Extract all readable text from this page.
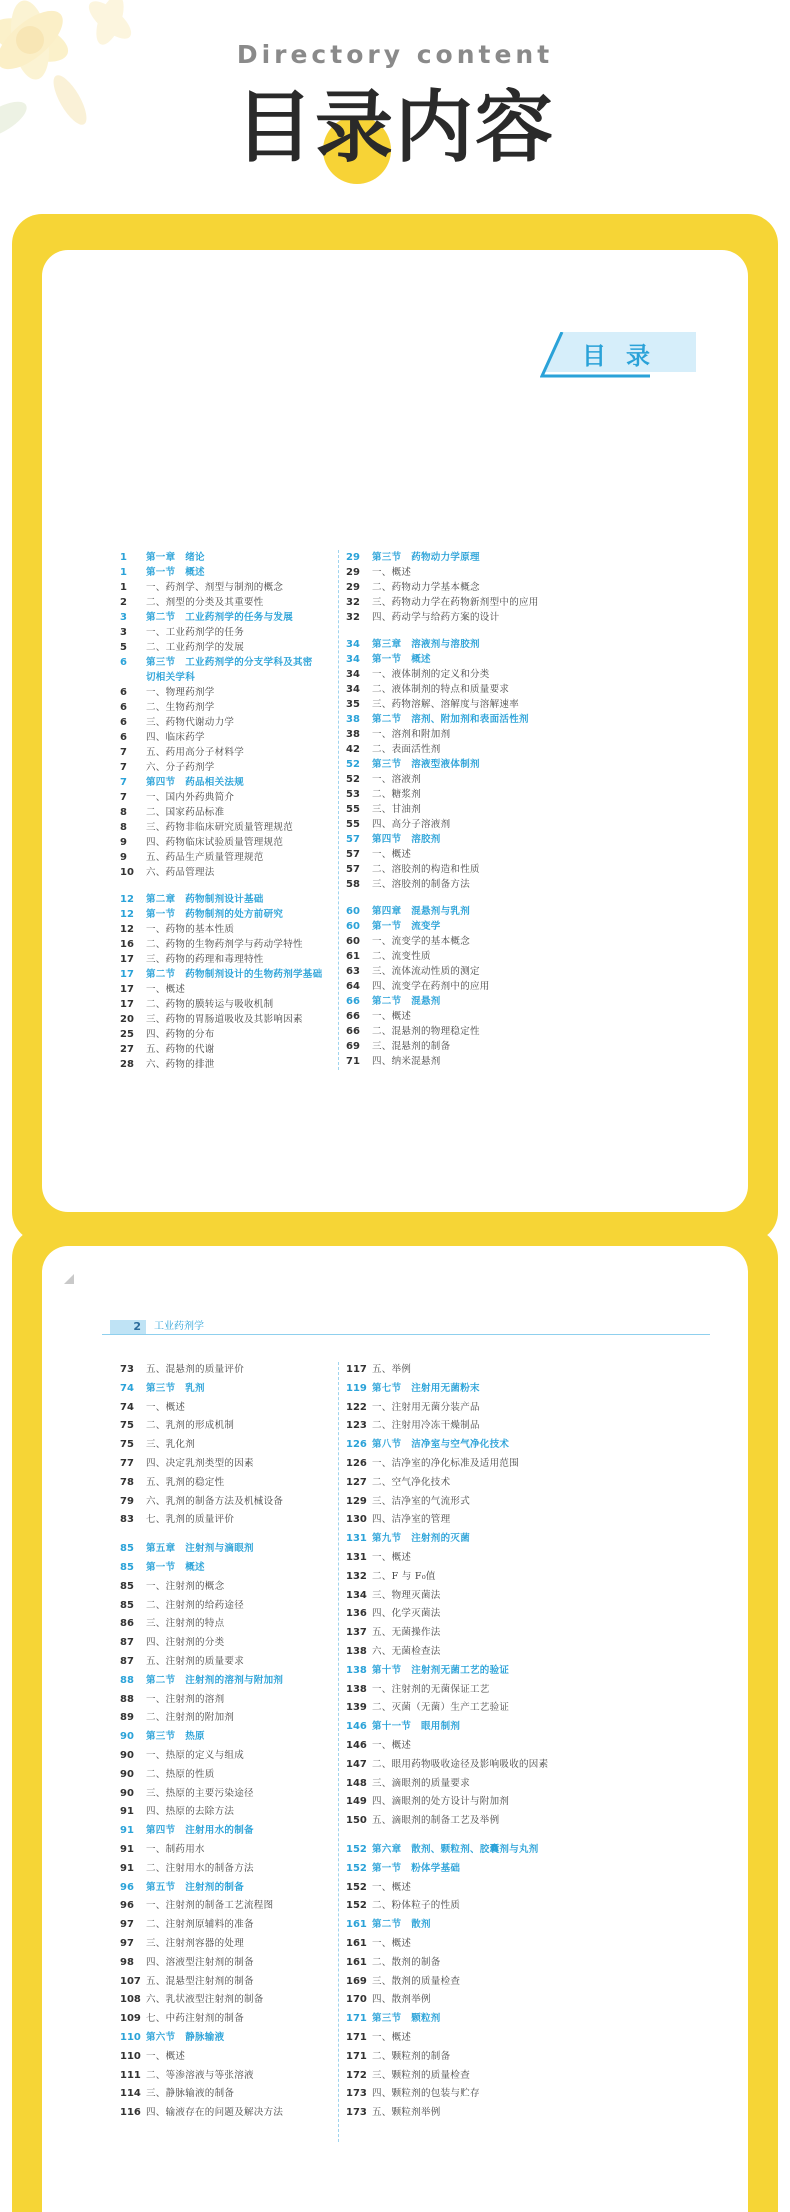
Directory content
目录内容
目录
1	第一章　绪论
1	第一节　概述
1	一、药剂学、剂型与制剂的概念
2	二、剂型的分类及其重要性
3	第二节　工业药剂学的任务与发展
3	一、工业药剂学的任务
5	二、工业药剂学的发展
6	第三节　工业药剂学的分支学科及其密切相关学科
6	一、物理药剂学
6	二、生物药剂学
6	三、药物代谢动力学
6	四、临床药学
7	五、药用高分子材料学
7	六、分子药剂学
7	第四节　药品相关法规
7	一、国内外药典简介
8	二、国家药品标准
8	三、药物非临床研究质量管理规范
9	四、药物临床试验质量管理规范
9	五、药品生产质量管理规范
10	六、药品管理法
12	第二章　药物制剂设计基础
12	第一节　药物制剂的处方前研究
12	一、药物的基本性质
16	二、药物的生物药剂学与药动学特性
17	三、药物的药理和毒理特性
17	第二节　药物制剂设计的生物药剂学基础
17	一、概述
17	二、药物的膜转运与吸收机制
20	三、药物的胃肠道吸收及其影响因素
25	四、药物的分布
27	五、药物的代谢
28	六、药物的排泄
29	第三节　药物动力学原理
29	一、概述
29	二、药物动力学基本概念
32	三、药物动力学在药物新剂型中的应用
32	四、药动学与给药方案的设计
34	第三章　溶液剂与溶胶剂
34	第一节　概述
34	一、液体制剂的定义和分类
34	二、液体制剂的特点和质量要求
35	三、药物溶解、溶解度与溶解速率
38	第二节　溶剂、附加剂和表面活性剂
38	一、溶剂和附加剂
42	二、表面活性剂
52	第三节　溶液型液体制剂
52	一、溶液剂
53	二、糖浆剂
55	三、甘油剂
55	四、高分子溶液剂
57	第四节　溶胶剂
57	一、概述
57	二、溶胶剂的构造和性质
58	三、溶胶剂的制备方法
60	第四章　混悬剂与乳剂
60	第一节　流变学
60	一、流变学的基本概念
61	二、流变性质
63	三、流体流动性质的测定
64	四、流变学在药剂中的应用
66	第二节　混悬剂
66	一、概述
66	二、混悬剂的物理稳定性
69	三、混悬剂的制备
71	四、纳米混悬剂
2	工业药剂学
73	五、混悬剂的质量评价
74	第三节　乳剂
74	一、概述
75	二、乳剂的形成机制
75	三、乳化剂
77	四、决定乳剂类型的因素
78	五、乳剂的稳定性
79	六、乳剂的制备方法及机械设备
83	七、乳剂的质量评价
85	第五章　注射剂与滴眼剂
85	第一节　概述
85	一、注射剂的概念
85	二、注射剂的给药途径
86	三、注射剂的特点
87	四、注射剂的分类
87	五、注射剂的质量要求
88	第二节　注射剂的溶剂与附加剂
88	一、注射剂的溶剂
89	二、注射剂的附加剂
90	第三节　热原
90	一、热原的定义与组成
90	二、热原的性质
90	三、热原的主要污染途径
91	四、热原的去除方法
91	第四节　注射用水的制备
91	一、制药用水
91	二、注射用水的制备方法
96	第五节　注射剂的制备
96	一、注射剂的制备工艺流程图
97	二、注射剂原辅料的准备
97	三、注射剂容器的处理
98	四、溶液型注射剂的制备
107 五、混悬型注射剂的制备
108 六、乳状液型注射剂的制备
109 七、中药注射剂的制备
110 第六节　静脉输液
110 一、概述
111 二、等渗溶液与等张溶液
114 三、静脉输液的制备
116 四、输液存在的问题及解决方法
117 五、举例
119 第七节　注射用无菌粉末
122 一、注射用无菌分装产品
123 二、注射用冷冻干燥制品
126 第八节　洁净室与空气净化技术
126 一、洁净室的净化标准及适用范围
127 二、空气净化技术
129 三、洁净室的气流形式
130 四、洁净室的管理
131 第九节　注射剂的灭菌
131 一、概述
132 二、F 与 F₀值
134 三、物理灭菌法
136 四、化学灭菌法
137 五、无菌操作法
138 六、无菌检查法
138 第十节　注射剂无菌工艺的验证
138 一、注射剂的无菌保证工艺
139 二、灭菌（无菌）生产工艺验证
146 第十一节　眼用制剂
146 一、概述
147 二、眼用药物吸收途径及影响吸收的因素
148 三、滴眼剂的质量要求
149 四、滴眼剂的处方设计与附加剂
150 五、滴眼剂的制备工艺及举例
152 第六章　散剂、颗粒剂、胶囊剂与丸剂
152 第一节　粉体学基础
152 一、概述
152 二、粉体粒子的性质
161 第二节　散剂
161 一、概述
161 二、散剂的制备
169 三、散剂的质量检查
170 四、散剂举例
171 第三节　颗粒剂
171 一、概述
171 二、颗粒剂的制备
172 三、颗粒剂的质量检查
173 四、颗粒剂的包装与贮存
173 五、颗粒剂举例
